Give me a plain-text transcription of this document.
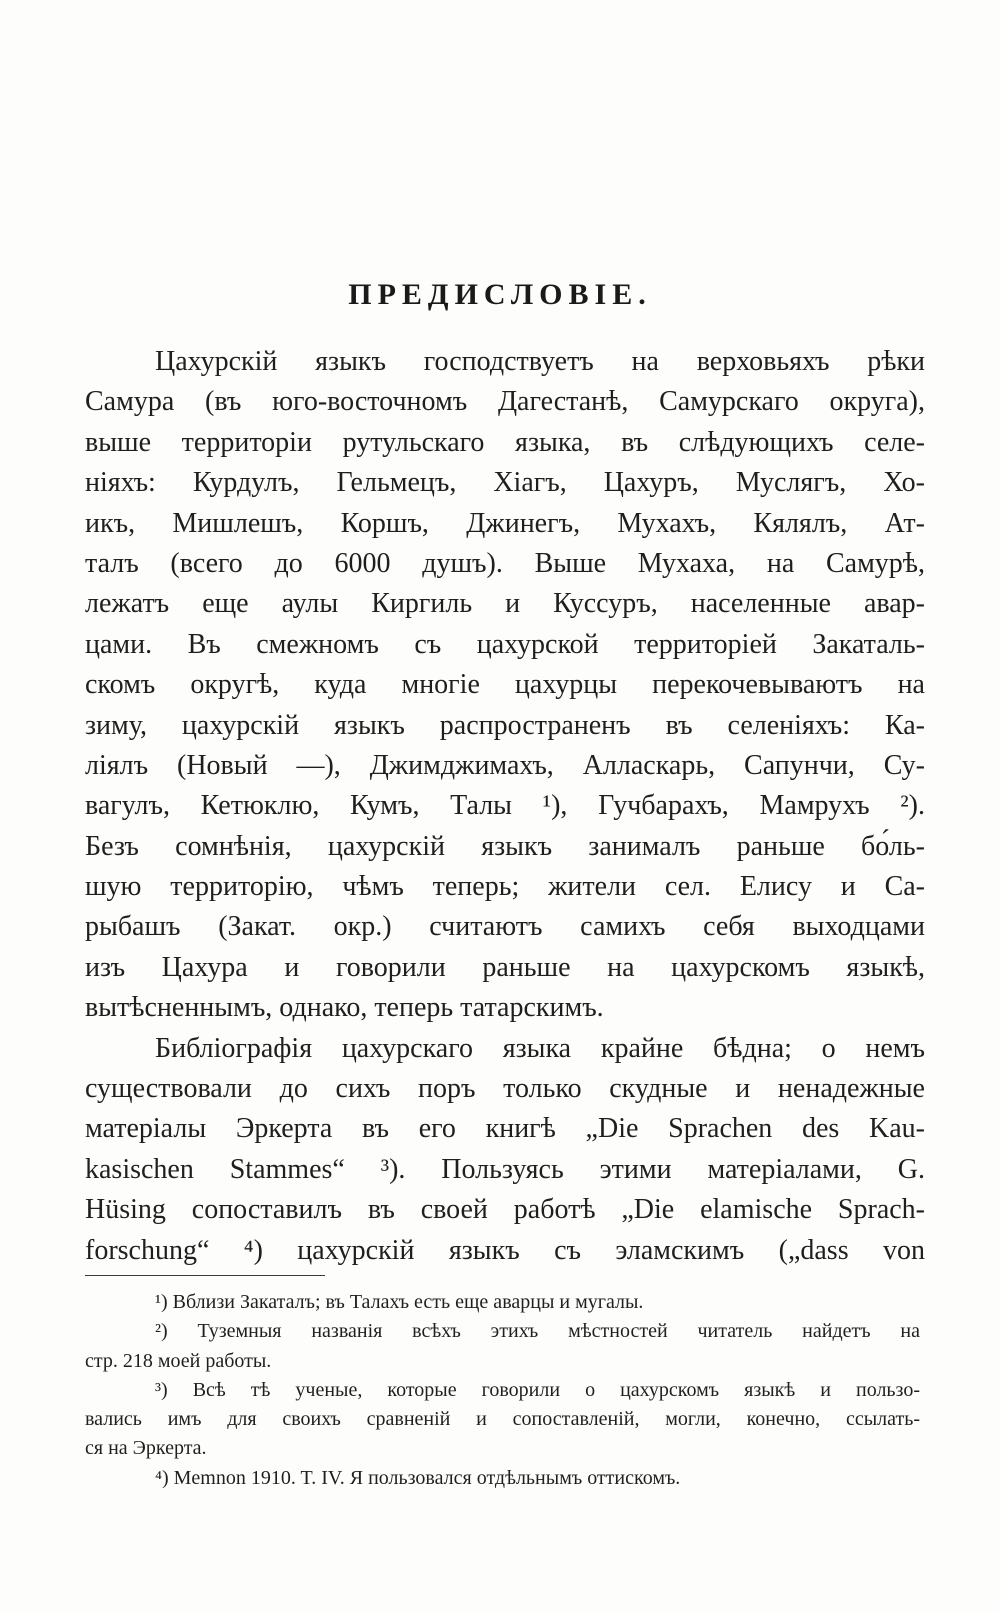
ПРЕДИСЛОВІЕ.
Цахурскій языкъ господствуетъ на верховьяхъ рѣки
Самура (въ юго-восточномъ Дагестанѣ, Самурскаго округа),
выше территоріи рутульскаго языка, въ слѣдующихъ селе-
ніяхъ: Курдулъ, Гельмецъ, Хіагъ, Цахуръ, Муслягъ, Хо-
икъ, Мишлешъ, Коршъ, Джинегъ, Мухахъ, Кялялъ, Ат-
талъ (всего до 6000 душъ). Выше Мухаха, на Самурѣ,
лежатъ еще аулы Киргиль и Куссуръ, населенные авар-
цами. Въ смежномъ съ цахурской территоріей Закаталь-
скомъ округѣ, куда многіе цахурцы перекочевываютъ на
зиму, цахурскій языкъ распространенъ въ селеніяхъ: Ка-
ліялъ (Новый —), Джимджимахъ, Алласкарь, Сапунчи, Су-
вагулъ, Кетюклю, Кумъ, Талы ¹), Гучбарахъ, Мамрухъ ²).
Безъ сомнѣнія, цахурскій языкъ занималъ раньше бо́ль-
шую территорію, чѣмъ теперь; жители сел. Елису и Са-
рыбашъ (Закат. окр.) считаютъ самихъ себя выходцами
изъ Цахура и говорили раньше на цахурскомъ языкѣ,
вытѣсненнымъ, однако, теперь татарскимъ.
Библіографія цахурскаго языка крайне бѣдна; о немъ
существовали до сихъ поръ только скудные и ненадежные
матеріалы Эркерта въ его книгѣ „Die Sprachen des Kau-
kasischen Stammes“ ³). Пользуясь этими матеріалами, G.
Hüsing сопоставилъ въ своей работѣ „Die elamische Sprach-
forschung“ ⁴) цахурскій языкъ съ эламскимъ („dass von
¹) Вблизи Закаталъ; въ Талахъ есть еще аварцы и мугалы.
²) Туземныя названія всѣхъ этихъ мѣстностей читатель найдетъ на
стр. 218 моей работы.
³) Всѣ тѣ ученые, которые говорили о цахурскомъ языкѣ и пользо-
вались имъ для своихъ сравненій и сопоставленій, могли, конечно, ссылать-
ся на Эркерта.
⁴) Memnon 1910. T. IV. Я пользовался отдѣльнымъ оттискомъ.
